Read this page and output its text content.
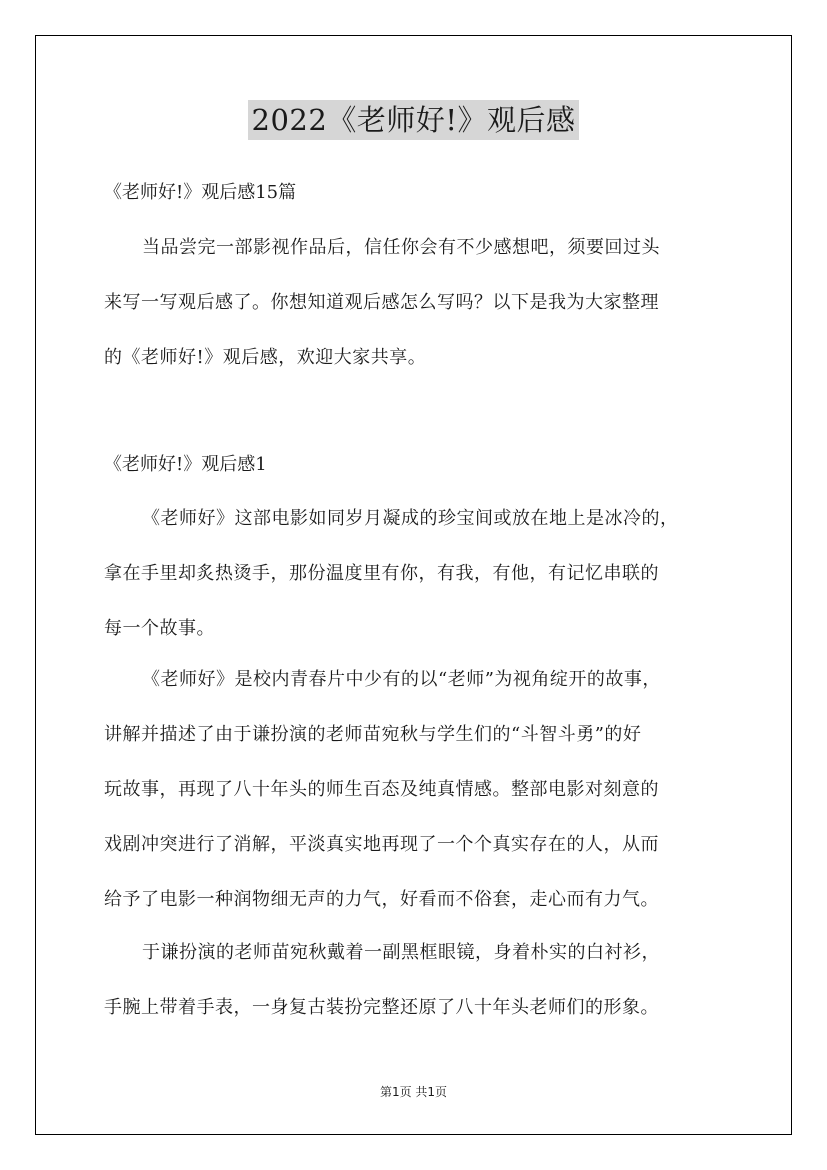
2022《老师好!》观后感
《老师好!》观后感15篇
当品尝完一部影视作品后，信任你会有不少感想吧，须要回过头
来写一写观后感了。你想知道观后感怎么写吗？以下是我为大家整理
的《老师好!》观后感，欢迎大家共享。
《老师好!》观后感1
《老师好》这部电影如同岁月凝成的珍宝间或放在地上是冰冷的，
拿在手里却炙热烫手，那份温度里有你，有我，有他，有记忆串联的
每一个故事。
《老师好》是校内青春片中少有的以“老师”为视角绽开的故事，
讲解并描述了由于谦扮演的老师苗宛秋与学生们的“斗智斗勇”的好
玩故事，再现了八十年头的师生百态及纯真情感。整部电影对刻意的
戏剧冲突进行了消解，平淡真实地再现了一个个真实存在的人，从而
给予了电影一种润物细无声的力气，好看而不俗套，走心而有力气。
于谦扮演的老师苗宛秋戴着一副黑框眼镜，身着朴实的白衬衫，
手腕上带着手表，一身复古装扮完整还原了八十年头老师们的形象。
第1页 共1页
